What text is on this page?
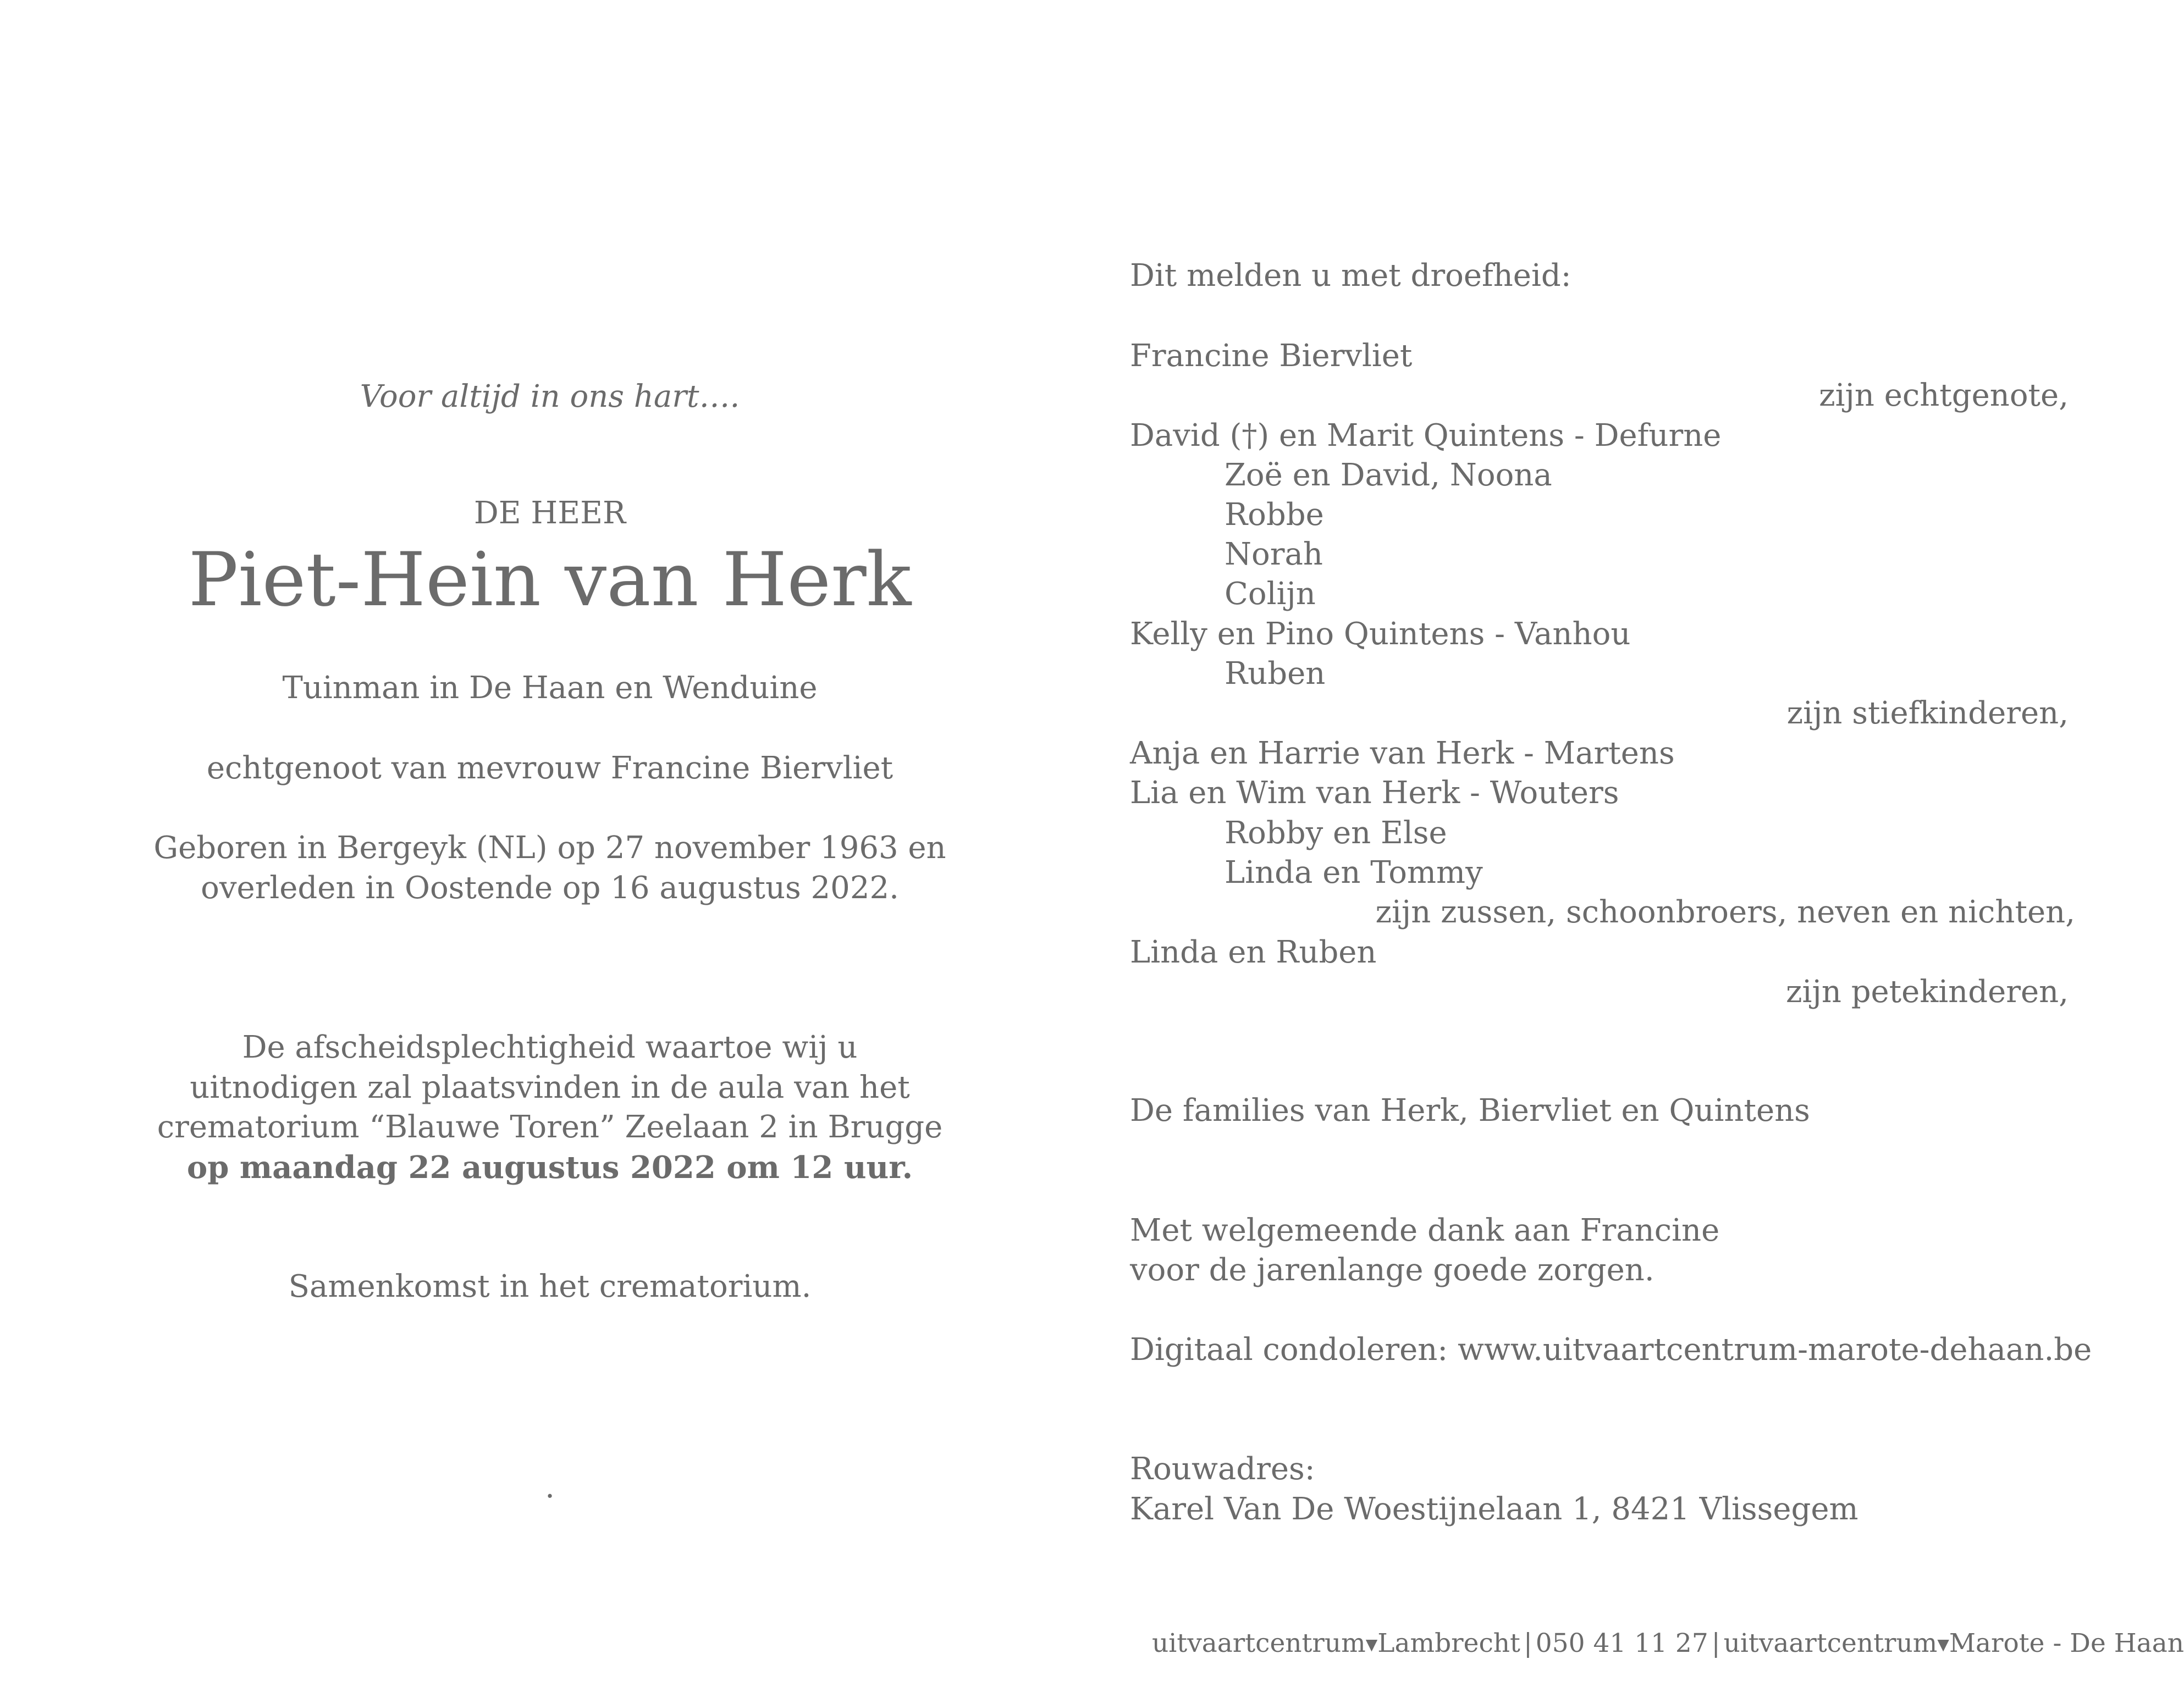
Voor altijd in ons hart….
DE HEER
Piet-Hein van Herk
Tuinman in De Haan en Wenduine
echtgenoot van mevrouw Francine Biervliet
Geboren in Bergeyk (NL) op 27 november 1963 en
overleden in Oostende op 16 augustus 2022.
De afscheidsplechtigheid waartoe wij u
uitnodigen zal plaatsvinden in de aula van het
crematorium “Blauwe Toren” Zeelaan 2 in Brugge
op maandag 22 augustus 2022 om 12 uur.
Samenkomst in het crematorium.
.
Dit melden u met droefheid:
Francine Biervliet
zijn echtgenote,
David (†) en Marit Quintens - Defurne
Zoë en David, Noona
Robbe
Norah
Colijn
Kelly en Pino Quintens - Vanhou
Ruben
zijn stiefkinderen,
Anja en Harrie van Herk - Martens
Lia en Wim van Herk - Wouters
Robby en Else
Linda en Tommy
zijn zussen, schoonbroers, neven en nichten,
Linda en Ruben
zijn petekinderen,
De families van Herk, Biervliet en Quintens
Met welgemeende dank aan Francine
voor de jarenlange goede zorgen.
Digitaal condoleren: www.uitvaartcentrum-marote-dehaan.be
Rouwadres:
Karel Van De Woestijnelaan 1, 8421 Vlissegem
uitvaartcentrum▼Lambrecht | 050 41 11 27 | uitvaartcentrum▼Marote - De Haan
